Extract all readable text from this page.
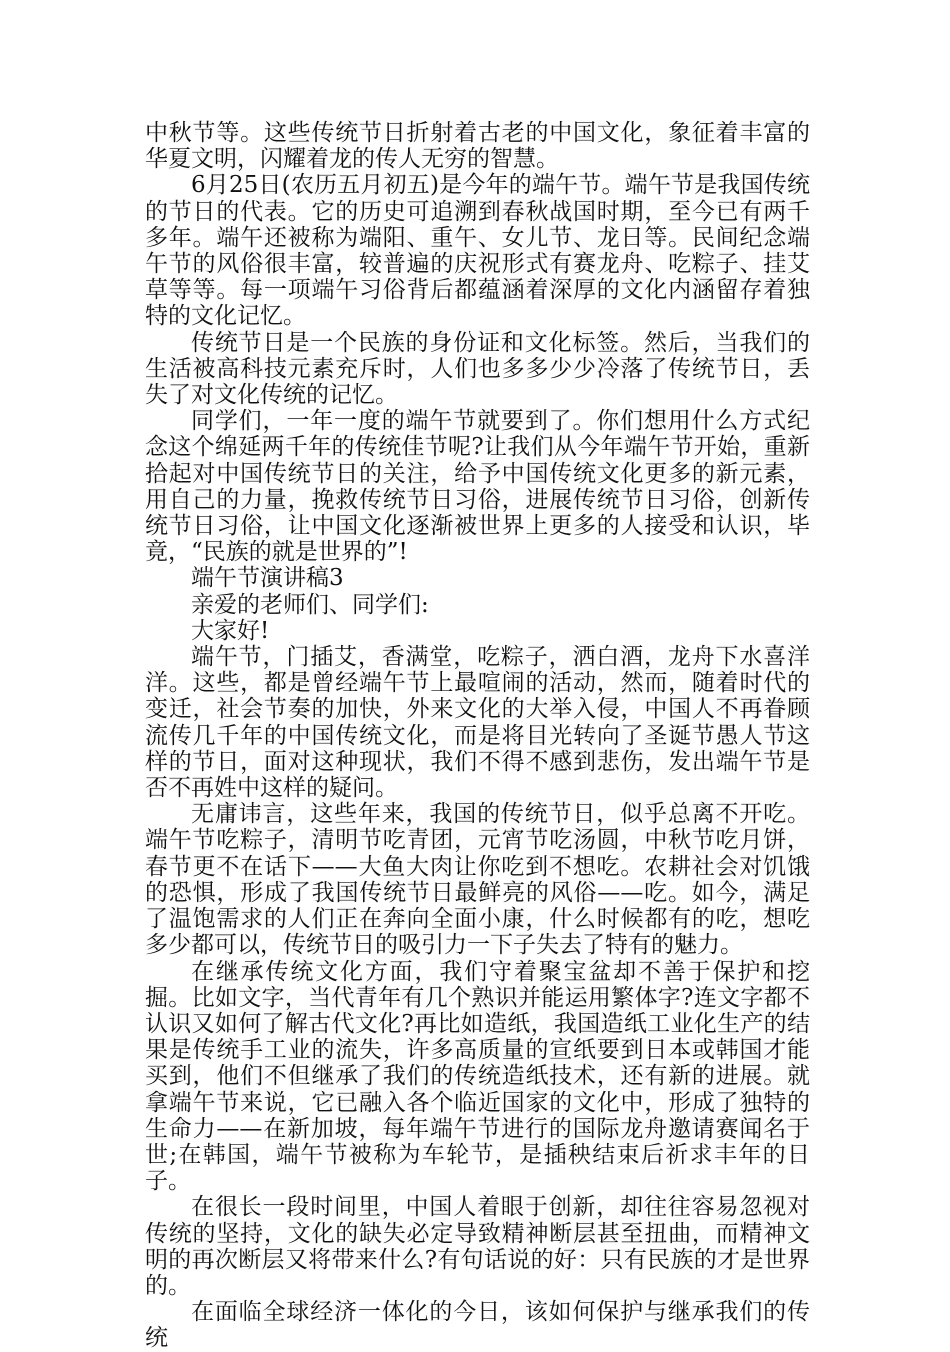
中秋节等。这些传统节日折射着古老的中国文化，象征着丰富的华夏文明，闪耀着龙的传人无穷的智慧。

6月25日(农历五月初五)是今年的端午节。端午节是我国传统的节日的代表。它的历史可追溯到春秋战国时期，至今已有两千多年。端午还被称为端阳、重午、女儿节、龙日等。民间纪念端午节的风俗很丰富，较普遍的庆祝形式有赛龙舟、吃粽子、挂艾草等等。每一项端午习俗背后都蕴涵着深厚的文化内涵留存着独特的文化记忆。

传统节日是一个民族的身份证和文化标签。然后，当我们的生活被高科技元素充斥时，人们也多多少少冷落了传统节日，丢失了对文化传统的记忆。

同学们，一年一度的端午节就要到了。你们想用什么方式纪念这个绵延两千年的传统佳节呢?让我们从今年端午节开始，重新拾起对中国传统节日的关注，给予中国传统文化更多的新元素，用自己的力量，挽救传统节日习俗，进展传统节日习俗，创新传统节日习俗，让中国文化逐渐被世界上更多的人接受和认识，毕竟，“民族的就是世界的”!

端午节演讲稿3

亲爱的老师们、同学们:

大家好!

端午节，门插艾，香满堂，吃粽子，洒白酒，龙舟下水喜洋洋。这些，都是曾经端午节上最喧闹的活动，然而，随着时代的变迁，社会节奏的加快，外来文化的大举入侵，中国人不再眷顾流传几千年的中国传统文化，而是将目光转向了圣诞节愚人节这样的节日，面对这种现状，我们不得不感到悲伤，发出端午节是否不再姓中这样的疑问。

无庸讳言，这些年来，我国的传统节日，似乎总离不开吃。端午节吃粽子，清明节吃青团，元宵节吃汤圆，中秋节吃月饼，春节更不在话下——大鱼大肉让你吃到不想吃。农耕社会对饥饿的恐惧，形成了我国传统节日最鲜亮的风俗——吃。如今，满足了温饱需求的人们正在奔向全面小康，什么时候都有的吃，想吃多少都可以，传统节日的吸引力一下子失去了特有的魅力。

在继承传统文化方面，我们守着聚宝盆却不善于保护和挖掘。比如文字，当代青年有几个熟识并能运用繁体字?连文字都不认识又如何了解古代文化?再比如造纸，我国造纸工业化生产的结果是传统手工业的流失，许多高质量的宣纸要到日本或韩国才能买到，他们不但继承了我们的传统造纸技术，还有新的进展。就拿端午节来说，它已融入各个临近国家的文化中，形成了独特的生命力——在新加坡，每年端午节进行的国际龙舟邀请赛闻名于世;在韩国，端午节被称为车轮节，是插秧结束后祈求丰年的日子。

在很长一段时间里，中国人着眼于创新，却往往容易忽视对传统的坚持，文化的缺失必定导致精神断层甚至扭曲，而精神文明的再次断层又将带来什么?有句话说的好：只有民族的才是世界的。

在面临全球经济一体化的今日，该如何保护与继承我们的传统
